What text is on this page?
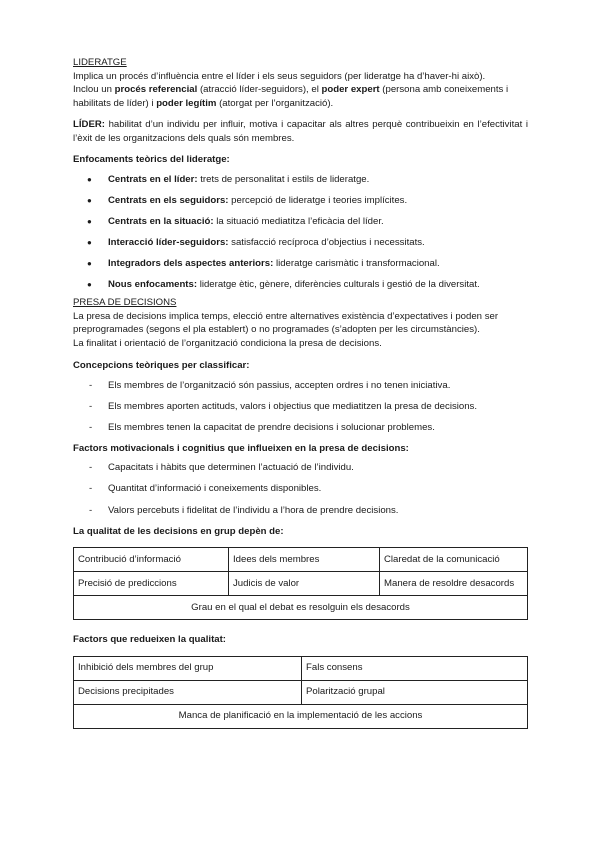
LIDERATGE

Implica un procés d’influència entre el líder i els seus seguidors (per lideratge ha d’haver-hi això).

Inclou un procés referencial (atracció líder-seguidors), el poder expert (persona amb coneixements i habilitats de líder) i poder legítim (atorgat per l’organització).

LÍDER: habilitat d’un individu per influir, motiva i capacitar als altres perquè contribueixin en l’efectivitat i l’èxit de les organitzacions dels quals són membres.

Enfocaments teòrics del lideratge:

● Centrats en el líder: trets de personalitat i estils de lideratge.
● Centrats en els seguidors: percepció de lideratge i teories implícites.
● Centrats en la situació: la situació mediatitza l’eficàcia del líder.
● Interacció líder-seguidors: satisfacció recíproca d’objectius i necessitats.
● Integradors dels aspectes anteriors: lideratge carismàtic i transformacional.
● Nous enfocaments: lideratge ètic, gènere, diferències culturals i gestió de la diversitat.

PRESA DE DECISIONS

La presa de decisions implica temps, elecció entre alternatives existència d’expectatives i poden ser preprogramades (segons el pla establert) o no programades (s’adopten per les circumstàncies).

La finalitat i orientació de l’organització condiciona la presa de decisions.

Concepcions teòriques per classificar:

- Els membres de l’organització són passius, accepten ordres i no tenen iniciativa.
- Els membres aporten actituds, valors i objectius que mediatitzen la presa de decisions.
- Els membres tenen la capacitat de prendre decisions i solucionar problemes.

Factors motivacionals i cognitius que influeixen en la presa de decisions:

- Capacitats i hàbits que determinen l’actuació de l’individu.
- Quantitat d’informació i coneixements disponibles.
- Valors percebuts i fidelitat de l’individu a l’hora de prendre decisions.

La qualitat de les decisions en grup depèn de:

Contribució d’informació	Idees dels membres	Claredat de la comunicació
Precisió de prediccions	Judicis de valor	Manera de resoldre desacords
Grau en el qual el debat es resolguin els desacords		

Factors que redueixen la qualitat:

Inhibició dels membres del grup	Fals consens
Decisions precipitades	Polarització grupal
Manca de planificació en la implementació de les accions	
